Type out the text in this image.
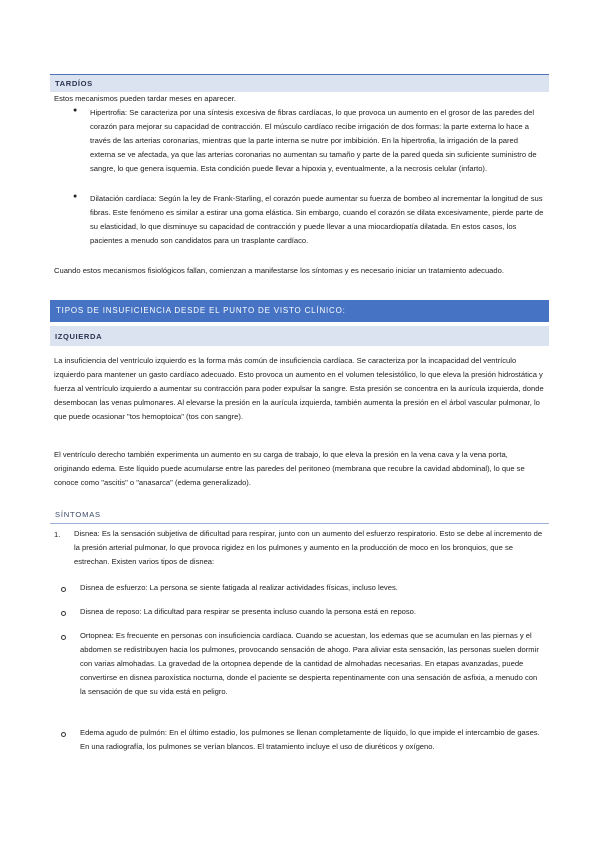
TARDÍOS
Estos mecanismos pueden tardar meses en aparecer.
● Hipertrofia: Se caracteriza por una síntesis excesiva de fibras cardíacas, lo que provoca un aumento en el grosor de las paredes del corazón para mejorar su capacidad de contracción. El músculo cardíaco recibe irrigación de dos formas: la parte externa lo hace a través de las arterias coronarias, mientras que la parte interna se nutre por imbibición. En la hipertrofia, la irrigación de la pared externa se ve afectada, ya que las arterias coronarias no aumentan su tamaño y parte de la pared queda sin suficiente suministro de sangre, lo que genera isquemia. Esta condición puede llevar a hipoxia y, eventualmente, a la necrosis celular (infarto).
● Dilatación cardíaca: Según la ley de Frank-Starling, el corazón puede aumentar su fuerza de bombeo al incrementar la longitud de sus fibras. Este fenómeno es similar a estirar una goma elástica. Sin embargo, cuando el corazón se dilata excesivamente, pierde parte de su elasticidad, lo que disminuye su capacidad de contracción y puede llevar a una miocardiopatía dilatada. En estos casos, los pacientes a menudo son candidatos para un trasplante cardíaco.
Cuando estos mecanismos fisiológicos fallan, comienzan a manifestarse los síntomas y es necesario iniciar un tratamiento adecuado.
TIPOS DE INSUFICIENCIA DESDE EL PUNTO DE VISTO CLÍNICO:
IZQUIERDA
La insuficiencia del ventrículo izquierdo es la forma más común de insuficiencia cardíaca. Se caracteriza por la incapacidad del ventrículo izquierdo para mantener un gasto cardíaco adecuado. Esto provoca un aumento en el volumen telesistólico, lo que eleva la presión hidrostática y fuerza al ventrículo izquierdo a aumentar su contracción para poder expulsar la sangre. Esta presión se concentra en la aurícula izquierda, donde desembocan las venas pulmonares. Al elevarse la presión en la aurícula izquierda, también aumenta la presión en el árbol vascular pulmonar, lo que puede ocasionar "tos hemoptoica" (tos con sangre).
El ventrículo derecho también experimenta un aumento en su carga de trabajo, lo que eleva la presión en la vena cava y la vena porta, originando edema. Este líquido puede acumularse entre las paredes del peritoneo (membrana que recubre la cavidad abdominal), lo que se conoce como "ascitis" o "anasarca" (edema generalizado).
SÍNTOMAS
1. Disnea: Es la sensación subjetiva de dificultad para respirar, junto con un aumento del esfuerzo respiratorio. Esto se debe al incremento de la presión arterial pulmonar, lo que provoca rigidez en los pulmones y aumento en la producción de moco en los bronquios, que se estrechan. Existen varios tipos de disnea:
Disnea de esfuerzo: La persona se siente fatigada al realizar actividades físicas, incluso leves.
Disnea de reposo: La dificultad para respirar se presenta incluso cuando la persona está en reposo.
Ortopnea: Es frecuente en personas con insuficiencia cardíaca. Cuando se acuestan, los edemas que se acumulan en las piernas y el abdomen se redistribuyen hacia los pulmones, provocando sensación de ahogo. Para aliviar esta sensación, las personas suelen dormir con varias almohadas. La gravedad de la ortopnea depende de la cantidad de almohadas necesarias. En etapas avanzadas, puede convertirse en disnea paroxística nocturna, donde el paciente se despierta repentinamente con una sensación de asfixia, a menudo con la sensación de que su vida está en peligro.
Edema agudo de pulmón: En el último estadio, los pulmones se llenan completamente de líquido, lo que impide el intercambio de gases. En una radiografía, los pulmones se verían blancos. El tratamiento incluye el uso de diuréticos y oxígeno.
